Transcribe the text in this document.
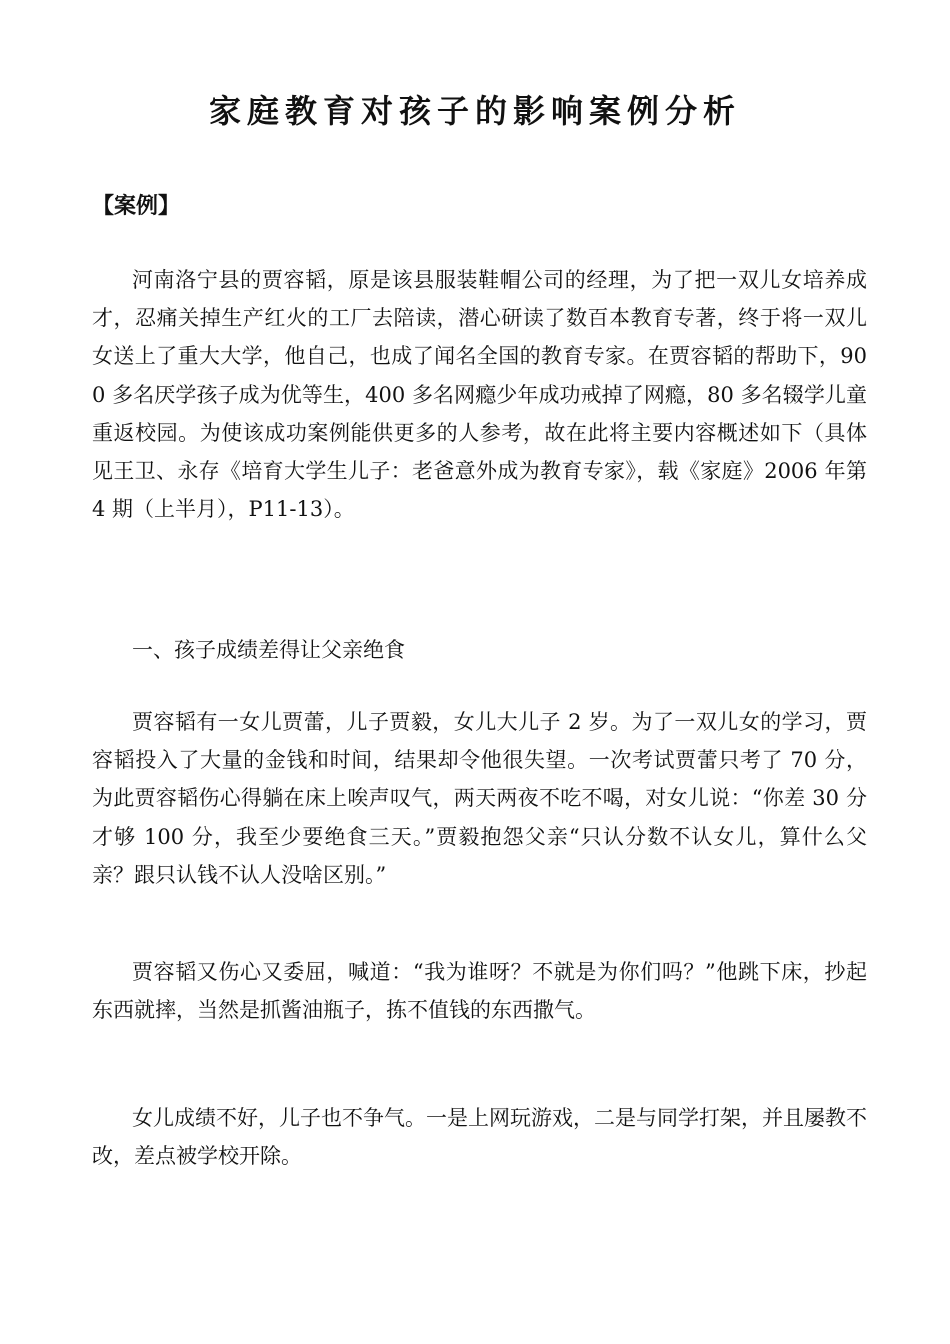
家庭教育对孩子的影响案例分析

【案例】

河南洛宁县的贾容韬，原是该县服装鞋帽公司的经理，为了把一双儿女培养成才，忍痛关掉生产红火的工厂去陪读，潜心研读了数百本教育专著，终于将一双儿女送上了重大大学，他自己，也成了闻名全国的教育专家。在贾容韬的帮助下，900 多名厌学孩子成为优等生，400 多名网瘾少年成功戒掉了网瘾，80 多名辍学儿童重返校园。为使该成功案例能供更多的人参考，故在此将主要内容概述如下（具体见王卫、永存《培育大学生儿子：老爸意外成为教育专家》，载《家庭》2006 年第 4 期（上半月），P11-13）。

一、孩子成绩差得让父亲绝食

贾容韬有一女儿贾蕾，儿子贾毅，女儿大儿子 2 岁。为了一双儿女的学习，贾容韬投入了大量的金钱和时间，结果却令他很失望。一次考试贾蕾只考了 70 分，为此贾容韬伤心得躺在床上唉声叹气，两天两夜不吃不喝，对女儿说：“你差 30 分才够 100 分，我至少要绝食三天。”贾毅抱怨父亲“只认分数不认女儿，算什么父亲？跟只认钱不认人没啥区别。”

贾容韬又伤心又委屈，喊道：“我为谁呀？不就是为你们吗？”他跳下床，抄起东西就摔，当然是抓酱油瓶子，拣不值钱的东西撒气。

女儿成绩不好，儿子也不争气。一是上网玩游戏，二是与同学打架，并且屡教不改，差点被学校开除。
